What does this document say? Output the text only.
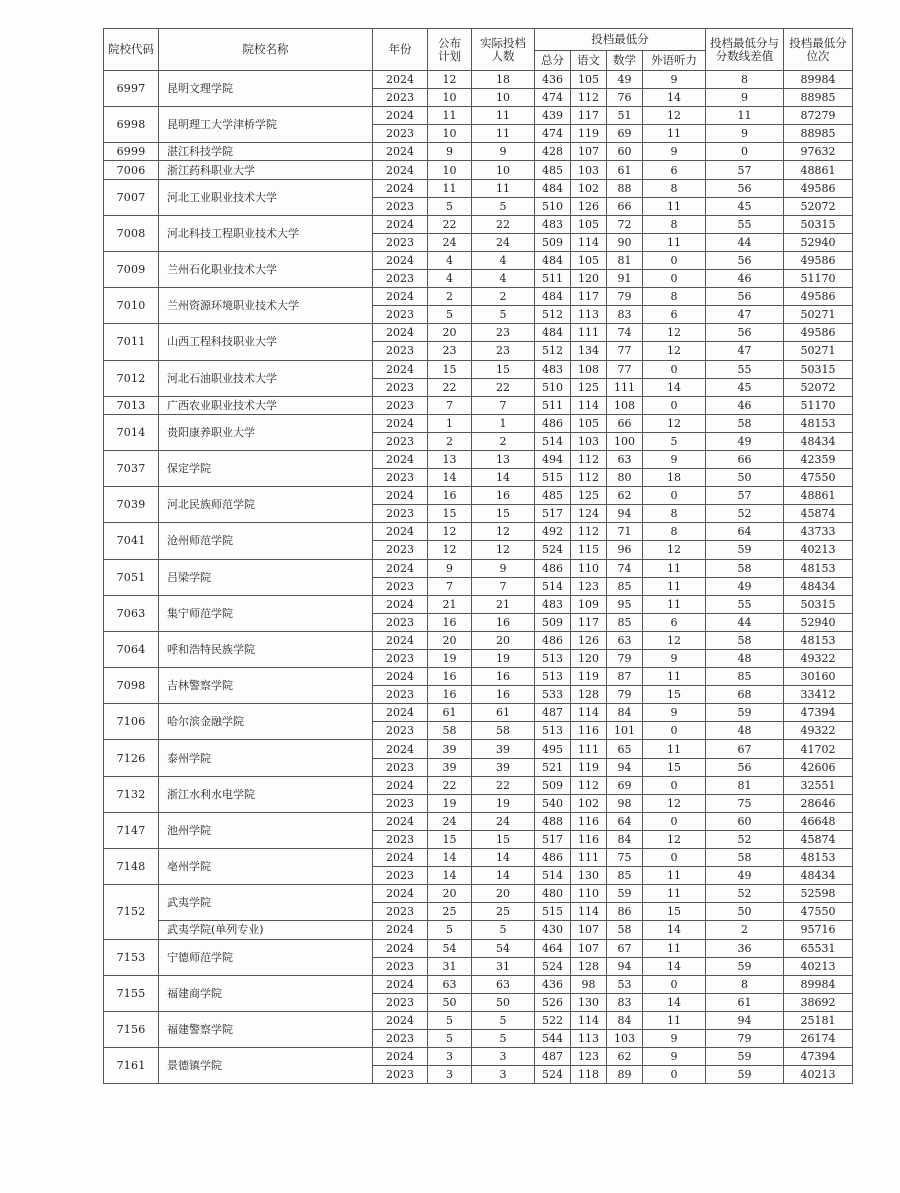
院校代码	院校名称	年份	公布计划	实际投档人数	投档最低分				投档最低分与分数线差值	投档最低分位次
					总分	语文	数学	外语听力		
6997	昆明文理学院	2024	12	18	436	105	49	9	8	89984
		2023	10	10	474	112	76	14	9	88985
6998	昆明理工大学津桥学院	2024	11	11	439	117	51	12	11	87279
		2023	10	11	474	119	69	11	9	88985
6999	湛江科技学院	2024	9	9	428	107	60	9	0	97632
7006	浙江药科职业大学	2024	10	10	485	103	61	6	57	48861
7007	河北工业职业技术大学	2024	11	11	484	102	88	8	56	49586
		2023	5	5	510	126	66	11	45	52072
7008	河北科技工程职业技术大学	2024	22	22	483	105	72	8	55	50315
		2023	24	24	509	114	90	11	44	52940
7009	兰州石化职业技术大学	2024	4	4	484	105	81	0	56	49586
		2023	4	4	511	120	91	0	46	51170
7010	兰州资源环境职业技术大学	2024	2	2	484	117	79	8	56	49586
		2023	5	5	512	113	83	6	47	50271
7011	山西工程科技职业大学	2024	20	23	484	111	74	12	56	49586
		2023	23	23	512	134	77	12	47	50271
7012	河北石油职业技术大学	2024	15	15	483	108	77	0	55	50315
		2023	22	22	510	125	111	14	45	52072
7013	广西农业职业技术大学	2023	7	7	511	114	108	0	46	51170
7014	贵阳康养职业大学	2024	1	1	486	105	66	12	58	48153
		2023	2	2	514	103	100	5	49	48434
7037	保定学院	2024	13	13	494	112	63	9	66	42359
		2023	14	14	515	112	80	18	50	47550
7039	河北民族师范学院	2024	16	16	485	125	62	0	57	48861
		2023	15	15	517	124	94	8	52	45874
7041	沧州师范学院	2024	12	12	492	112	71	8	64	43733
		2023	12	12	524	115	96	12	59	40213
7051	吕梁学院	2024	9	9	486	110	74	11	58	48153
		2023	7	7	514	123	85	11	49	48434
7063	集宁师范学院	2024	21	21	483	109	95	11	55	50315
		2023	16	16	509	117	85	6	44	52940
7064	呼和浩特民族学院	2024	20	20	486	126	63	12	58	48153
		2023	19	19	513	120	79	9	48	49322
7098	吉林警察学院	2024	16	16	513	119	87	11	85	30160
		2023	16	16	533	128	79	15	68	33412
7106	哈尔滨金融学院	2024	61	61	487	114	84	9	59	47394
		2023	58	58	513	116	101	0	48	49322
7126	泰州学院	2024	39	39	495	111	65	11	67	41702
		2023	39	39	521	119	94	15	56	42606
7132	浙江水利水电学院	2024	22	22	509	112	69	0	81	32551
		2023	19	19	540	102	98	12	75	28646
7147	池州学院	2024	24	24	488	116	64	0	60	46648
		2023	15	15	517	116	84	12	52	45874
7148	亳州学院	2024	14	14	486	111	75	0	58	48153
		2023	14	14	514	130	85	11	49	48434
7152	武夷学院	2024	20	20	480	110	59	11	52	52598
		2023	25	25	515	114	86	15	50	47550
	武夷学院(单列专业)	2024	5	5	430	107	58	14	2	95716
7153	宁德师范学院	2024	54	54	464	107	67	11	36	65531
		2023	31	31	524	128	94	14	59	40213
7155	福建商学院	2024	63	63	436	98	53	0	8	89984
		2023	50	50	526	130	83	14	61	38692
7156	福建警察学院	2024	5	5	522	114	84	11	94	25181
		2023	5	5	544	113	103	9	79	26174
7161	景德镇学院	2024	3	3	487	123	62	9	59	47394
		2023	3	3	524	118	89	0	59	40213
